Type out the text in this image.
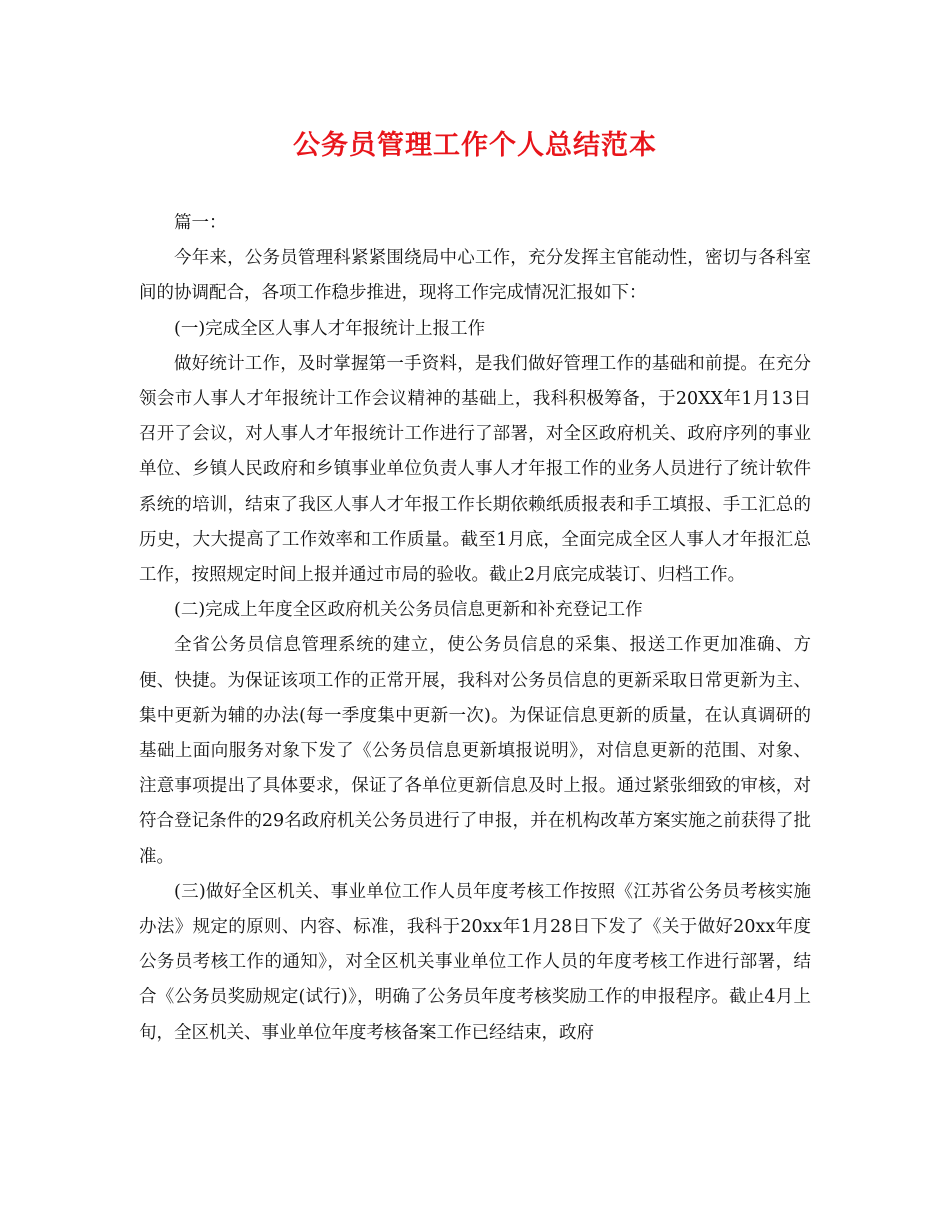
公务员管理工作个人总结范本

篇一：

今年来，公务员管理科紧紧围绕局中心工作，充分发挥主官能动性，密切与各科室间的协调配合，各项工作稳步推进，现将工作完成情况汇报如下：

(一)完成全区人事人才年报统计上报工作

做好统计工作，及时掌握第一手资料，是我们做好管理工作的基础和前提。在充分领会市人事人才年报统计工作会议精神的基础上，我科积极筹备，于20XX年1月13日召开了会议，对人事人才年报统计工作进行了部署，对全区政府机关、政府序列的事业单位、乡镇人民政府和乡镇事业单位负责人事人才年报工作的业务人员进行了统计软件系统的培训，结束了我区人事人才年报工作长期依赖纸质报表和手工填报、手工汇总的历史，大大提高了工作效率和工作质量。截至1月底，全面完成全区人事人才年报汇总工作，按照规定时间上报并通过市局的验收。截止2月底完成装订、归档工作。

(二)完成上年度全区政府机关公务员信息更新和补充登记工作

全省公务员信息管理系统的建立，使公务员信息的采集、报送工作更加准确、方便、快捷。为保证该项工作的正常开展，我科对公务员信息的更新采取日常更新为主、集中更新为辅的办法(每一季度集中更新一次)。为保证信息更新的质量，在认真调研的基础上面向服务对象下发了《公务员信息更新填报说明》，对信息更新的范围、对象、注意事项提出了具体要求，保证了各单位更新信息及时上报。通过紧张细致的审核，对符合登记条件的29名政府机关公务员进行了申报，并在机构改革方案实施之前获得了批准。

(三)做好全区机关、事业单位工作人员年度考核工作按照《江苏省公务员考核实施办法》规定的原则、内容、标准，我科于20xx年1月28日下发了《关于做好20xx年度公务员考核工作的通知》，对全区机关事业单位工作人员的年度考核工作进行部署，结合《公务员奖励规定(试行)》，明确了公务员年度考核奖励工作的申报程序。截止4月上旬，全区机关、事业单位年度考核备案工作已经结束，政府
